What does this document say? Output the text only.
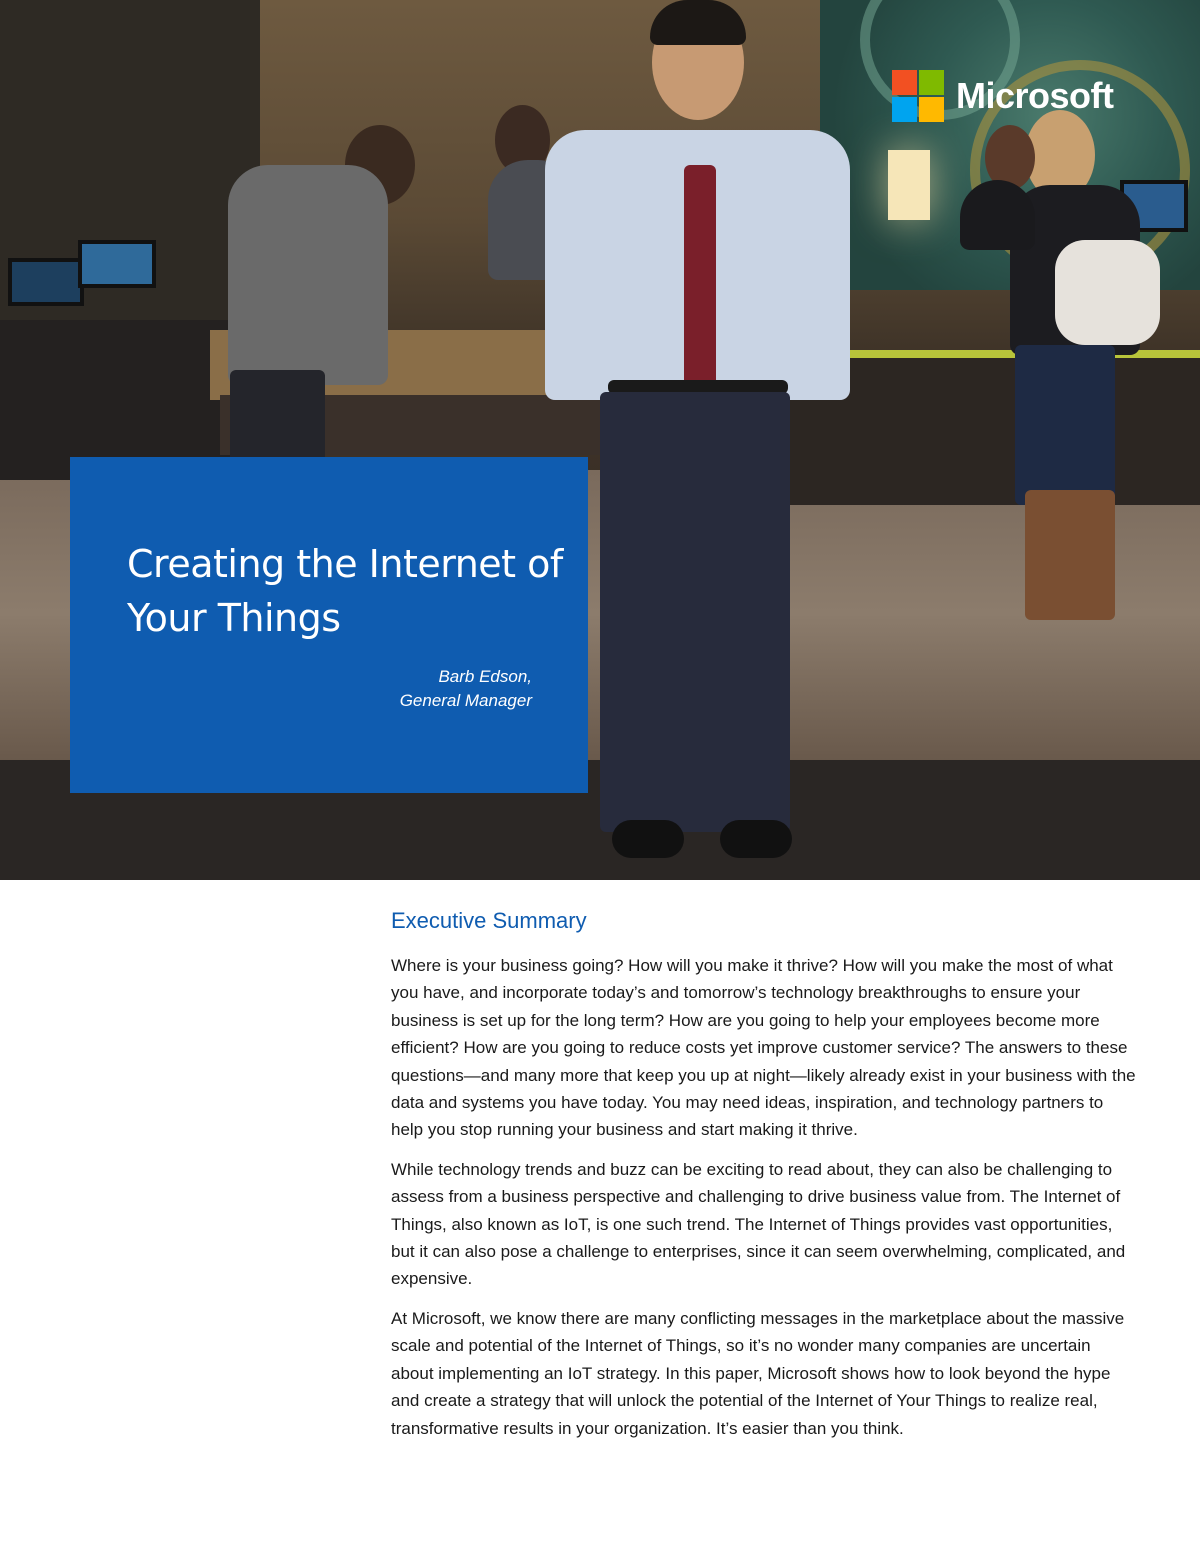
Microsoft
Creating the Internet of Your Things
Barb Edson,
General Manager
Executive Summary

Where is your business going? How will you make it thrive? How will you make the most of what you have, and incorporate today’s and tomorrow’s technology breakthroughs to ensure your business is set up for the long term? How are you going to help your employees become more efficient? How are you going to reduce costs yet improve customer service? The answers to these questions—and many more that keep you up at night—likely already exist in your business with the data and systems you have today. You may need ideas, inspiration, and technology partners to help you stop running your business and start making it thrive.

While technology trends and buzz can be exciting to read about, they can also be challenging to assess from a business perspective and challenging to drive business value from. The Internet of Things, also known as IoT, is one such trend. The Internet of Things provides vast opportunities, but it can also pose a challenge to enterprises, since it can seem overwhelming, complicated, and expensive.

At Microsoft, we know there are many conflicting messages in the marketplace about the massive scale and potential of the Internet of Things, so it’s no wonder many companies are uncertain about implementing an IoT strategy. In this paper, Microsoft shows how to look beyond the hype and create a strategy that will unlock the potential of the Internet of Your Things to realize real, transformative results in your organization. It’s easier than you think.
